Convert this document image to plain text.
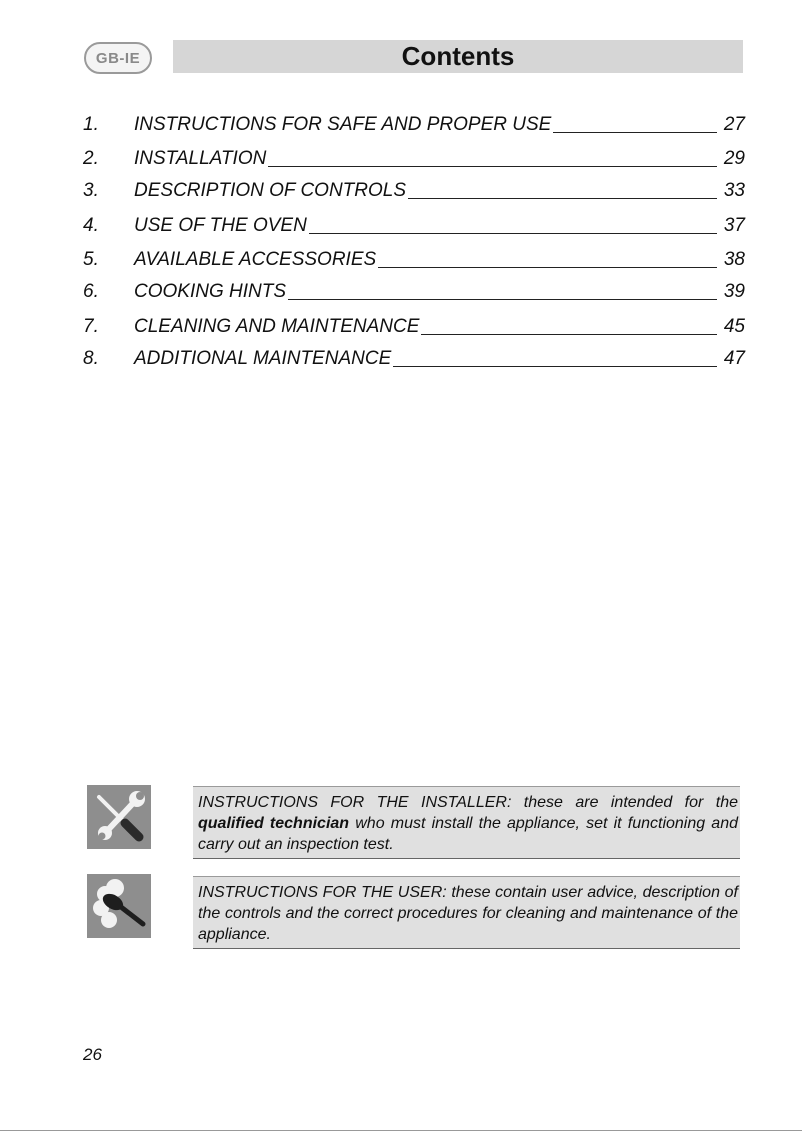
GB-IE	Contents
1.	INSTRUCTIONS FOR SAFE AND PROPER USE	27
2.	INSTALLATION	29
3.	DESCRIPTION OF CONTROLS	33
4.	USE OF THE OVEN	37
5.	AVAILABLE ACCESSORIES	38
6.	COOKING HINTS	39
7.	CLEANING AND MAINTENANCE	45
8.	ADDITIONAL MAINTENANCE	47
INSTRUCTIONS FOR THE INSTALLER: these are intended for the qualified technician who must install the appliance, set it functioning and carry out an inspection test.
INSTRUCTIONS FOR THE USER: these contain user advice, description of the controls and the correct procedures for cleaning and maintenance of the appliance.
26
